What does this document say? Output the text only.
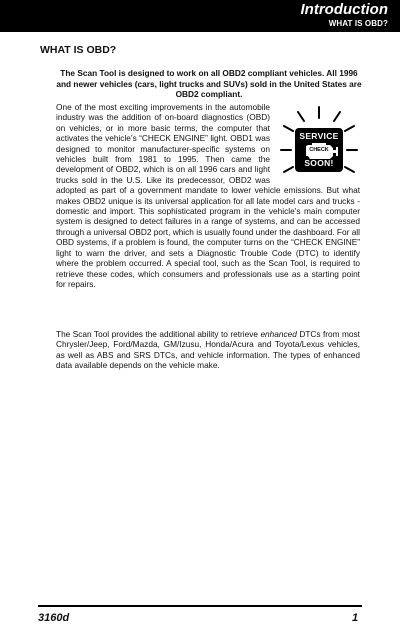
Introduction
WHAT IS OBD?
WHAT IS OBD?
The Scan Tool is designed to work on all OBD2 compliant vehicles. All 1996 and newer vehicles (cars, light trucks and SUVs) sold in the United States are OBD2 compliant.
SERVICE
CHECK
SOON!
One of the most exciting improvements in the automobile industry was the addition of on-board diagnostics (OBD) on vehicles, or in more basic terms, the computer that activates the vehicle’s “CHECK ENGINE” light. OBD1 was designed to monitor manufacturer-specific systems on vehicles built from 1981 to 1995. Then came the development of OBD2, which is on all 1996 cars and light trucks sold in the U.S. Like its predecessor, OBD2 was adopted as part of a government mandate to lower vehicle emissions. But what makes OBD2 unique is its universal application for all late model cars and trucks - domestic and import. This sophisticated program in the vehicle’s main computer system is designed to detect failures in a range of systems, and can be accessed through a universal OBD2 port, which is usually found under the dashboard. For all OBD systems, if a problem is found, the computer turns on the “CHECK ENGINE” light to warn the driver, and sets a Diagnostic Trouble Code (DTC) to identify where the problem occurred. A special tool, such as the Scan Tool, is required to retrieve these codes, which consumers and professionals use as a starting point for repairs.
The Scan Tool provides the additional ability to retrieve enhanced DTCs from most Chrysler/Jeep, Ford/Mazda, GM/Izusu, Honda/Acura and Toyota/Lexus vehicles, as well as ABS and SRS DTCs, and vehicle information. The types of enhanced data available depends on the vehicle make.
3160d	1
